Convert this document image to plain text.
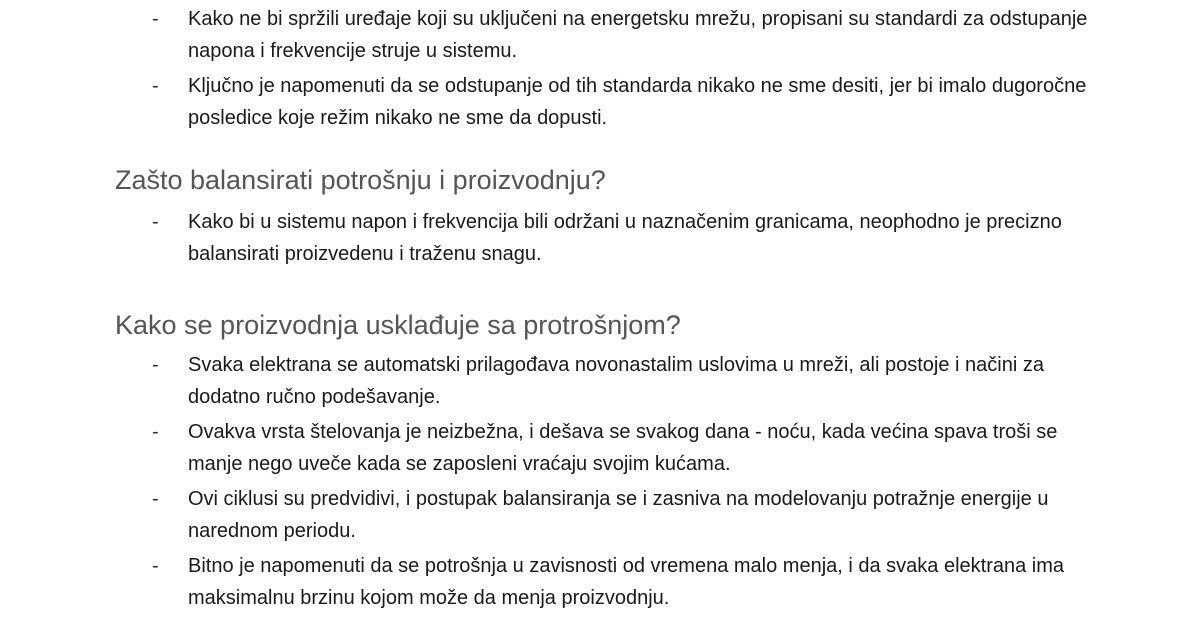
- Kako ne bi spržili uređaje koji su uključeni na energetsku mrežu, propisani su standardi za odstupanje napona i frekvencije struje u sistemu.
- Ključno je napomenuti da se odstupanje od tih standarda nikako ne sme desiti, jer bi imalo dugoročne posledice koje režim nikako ne sme da dopusti.
Zašto balansirati potrošnju i proizvodnju?
- Kako bi u sistemu napon i frekvencija bili održani u naznačenim granicama, neophodno je precizno balansirati proizvedenu i traženu snagu.
Kako se proizvodnja usklađuje sa protrošnjom?
- Svaka elektrana se automatski prilagođava novonastalim uslovima u mreži, ali postoje i načini za dodatno ručno podešavanje.
- Ovakva vrsta štelovanja je neizbežna, i dešava se svakog dana - noću, kada većina spava troši se manje nego uveče kada se zaposleni vraćaju svojim kućama.
- Ovi ciklusi su predvidivi, i postupak balansiranja se i zasniva na modelovanju potražnje energije u narednom periodu.
- Bitno je napomenuti da se potrošnja u zavisnosti od vremena malo menja, i da svaka elektrana ima maksimalnu brzinu kojom može da menja proizvodnju.
